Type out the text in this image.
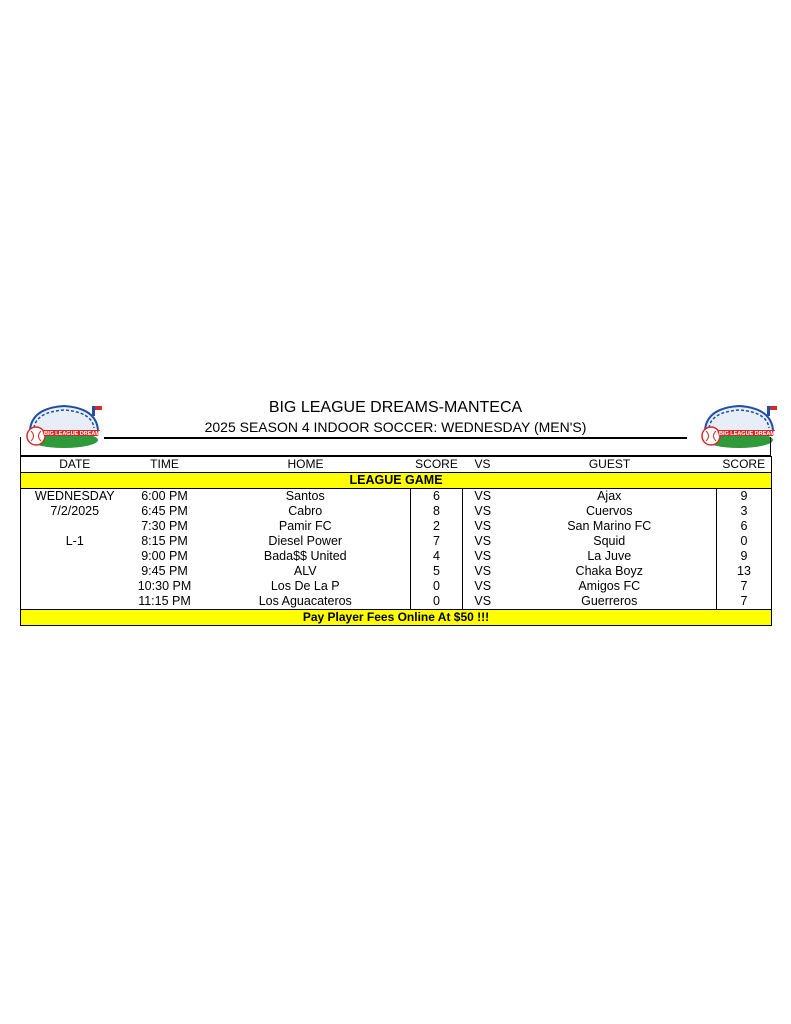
BIG LEAGUE DREAMS
BIG LEAGUE DREAMS-MANTECA
2025 SEASON 4 INDOOR SOCCER: WEDNESDAY (MEN'S)	BIG LEAGUE DREAMS
DATE	TIME	HOME	SCORE	VS	GUEST	SCORE
LEAGUE GAME						
WEDNESDAY	6:00 PM	Santos	6	VS	Ajax	9
7/2/2025	6:45 PM	Cabro	8	VS	Cuervos	3
	7:30 PM	Pamir FC	2	VS	San Marino FC	6
L-1	8:15 PM	Diesel Power	7	VS	Squid	0
	9:00 PM	Bada$$ United	4	VS	La Juve	9
	9:45 PM	ALV	5	VS	Chaka Boyz	13
	10:30 PM	Los De La P	0	VS	Amigos FC	7
	11:15 PM	Los Aguacateros	0	VS	Guerreros	7
Pay Player Fees Online At $50 !!!						
